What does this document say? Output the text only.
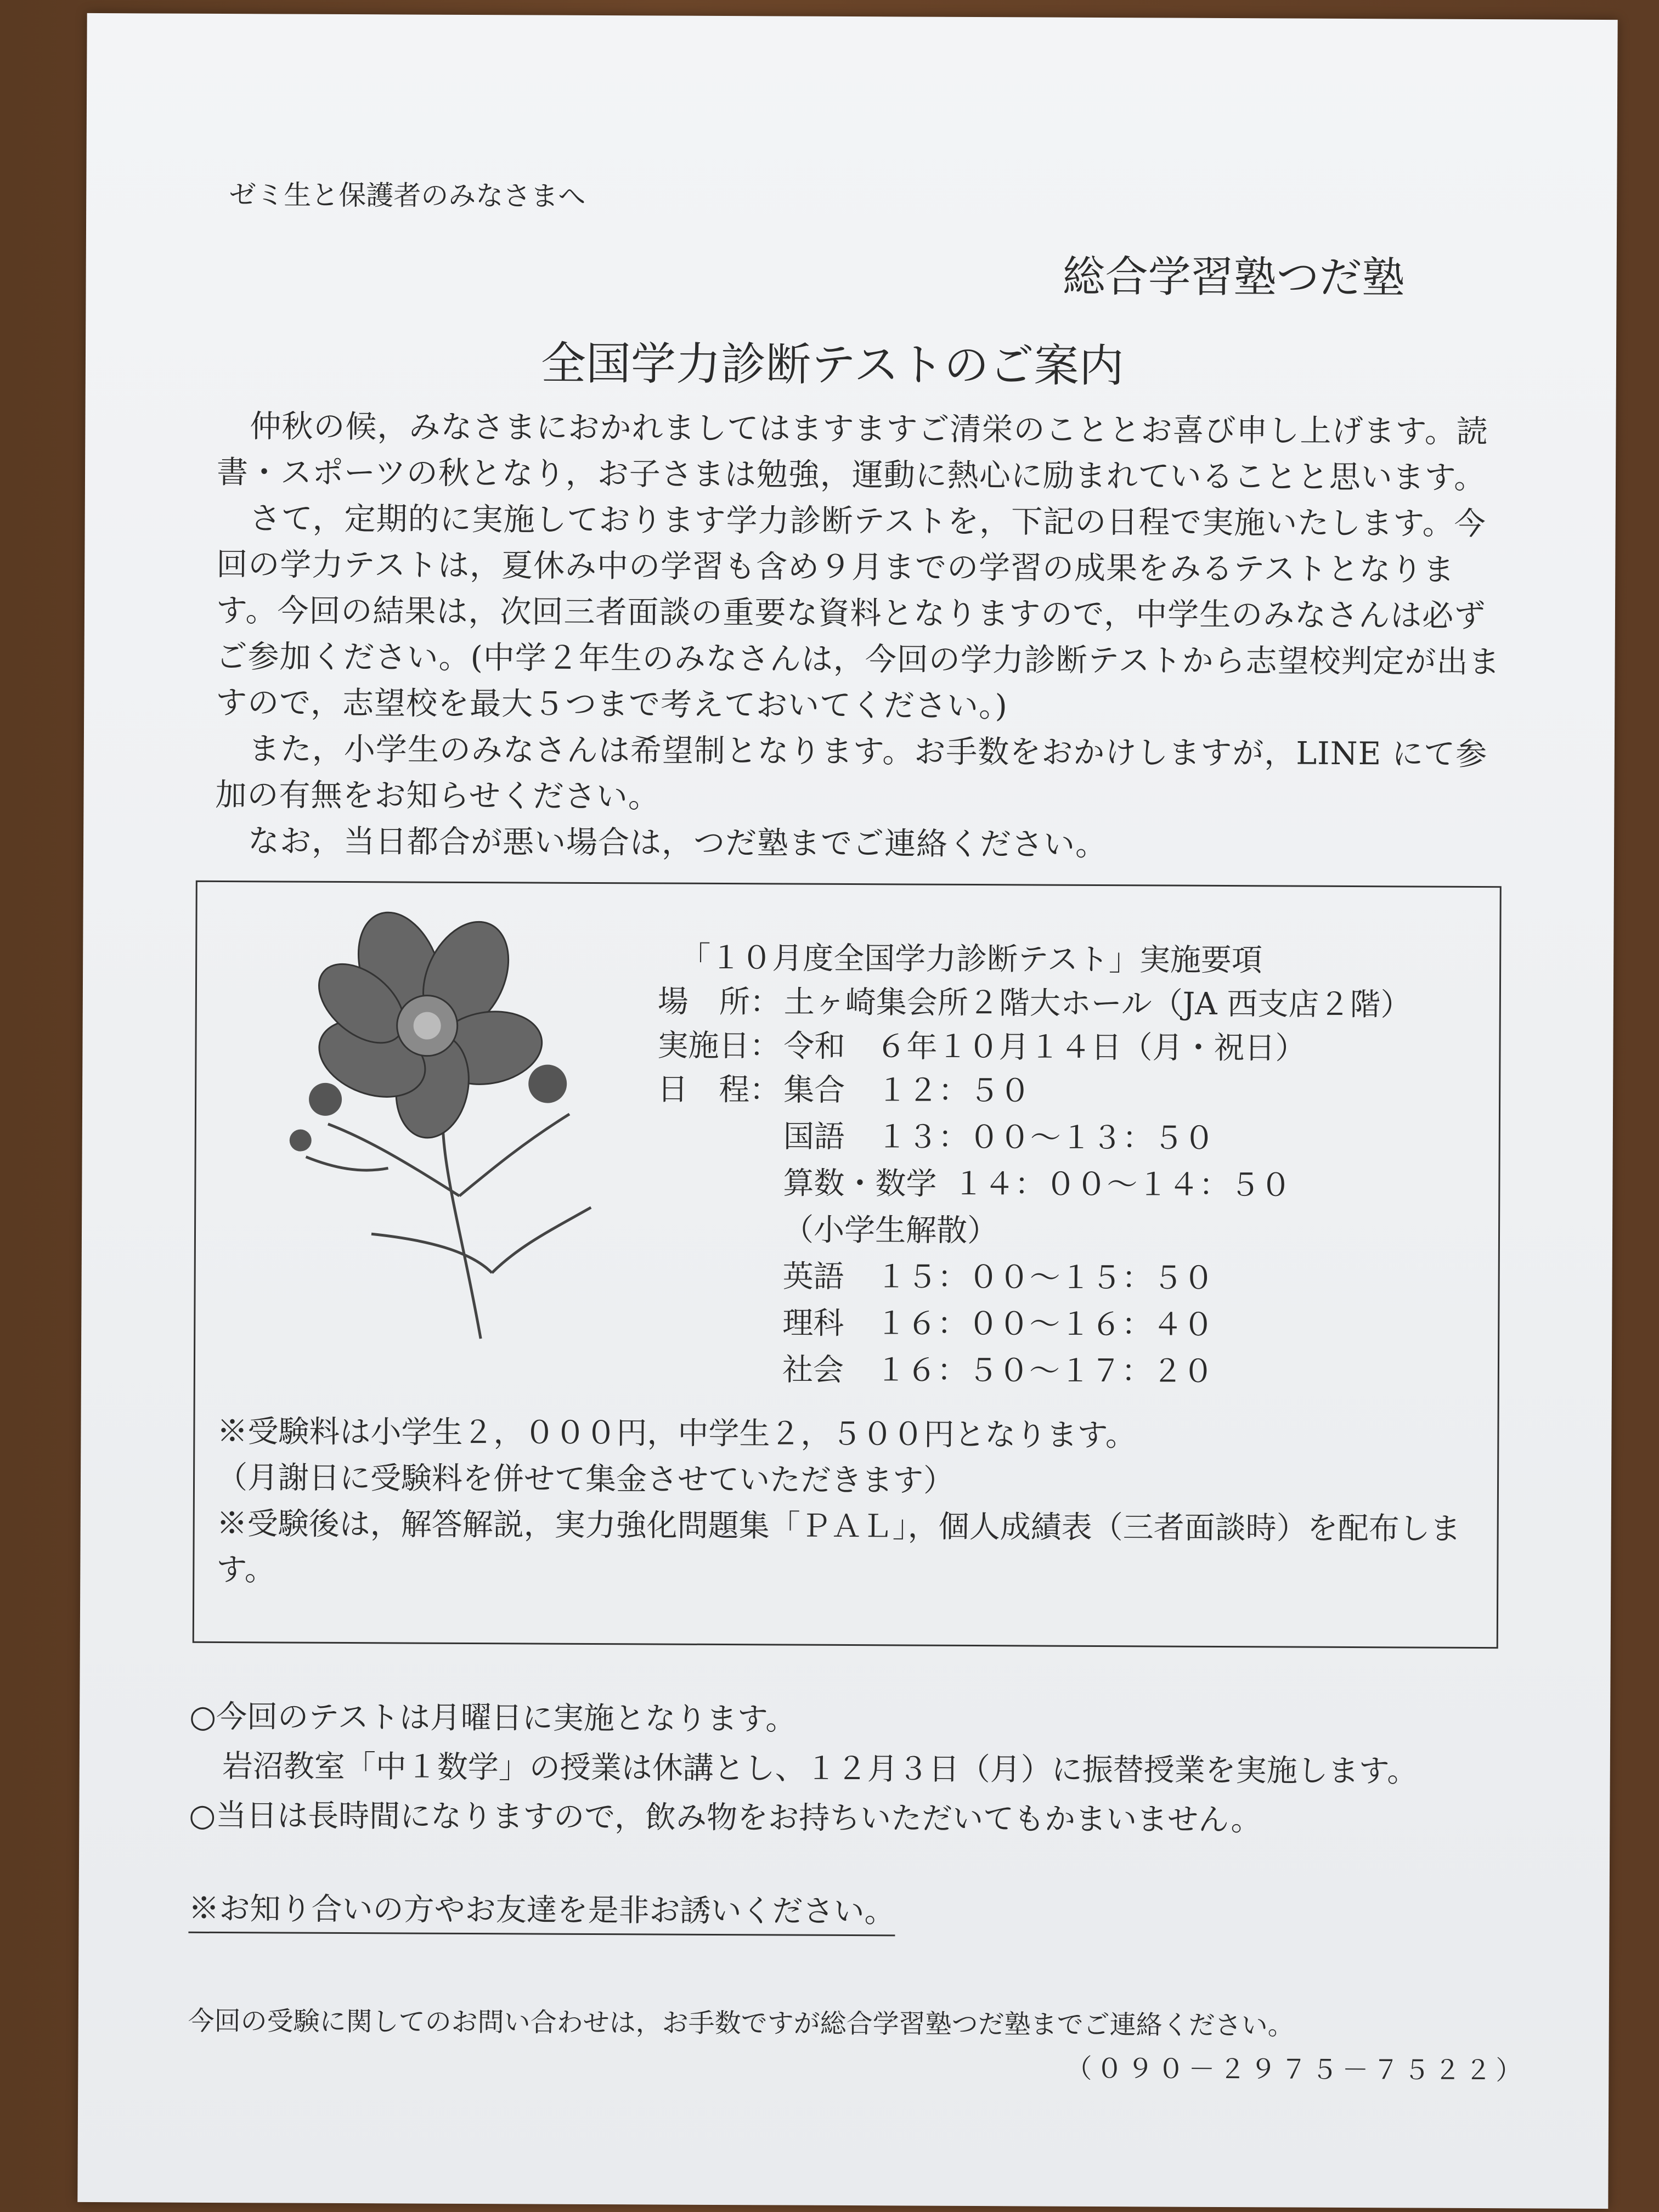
ゼミ生と保護者のみなさまへ
総合学習塾つだ塾
全国学力診断テストのご案内

仲秋の候，みなさまにおかれましてはますますご清栄のこととお喜び申し上げます。読書・スポーツの秋となり，お子さまは勉強，運動に熱心に励まれていることと思います。

さて，定期的に実施しております学力診断テストを，下記の日程で実施いたします。今回の学力テストは，夏休み中の学習も含め９月までの学習の成果をみるテストとなります。今回の結果は，次回三者面談の重要な資料となりますので，中学生のみなさんは必ずご参加ください。(中学２年生のみなさんは，今回の学力診断テストから志望校判定が出ますので，志望校を最大５つまで考えておいてください。)

また，小学生のみなさんは希望制となります。お手数をおかけしますが，LINE にて参加の有無をお知らせください。

なお，当日都合が悪い場合は，つだ塾までご連絡ください。

「１０月度全国学力診断テスト」実施要項
場　所： 土ヶ崎集会所２階大ホール（JA 西支店２階）
実施日： 令和　６年１０月１４日（月・祝日）
日　程： 集合 １２：５０
国語 １３：００～１３：５０
算数・数学 １４：００～１４：５０
（小学生解散）
英語 １５：００～１５：５０
理科 １６：００～１６：４０
社会 １６：５０～１７：２０

※受験料は小学生２，０００円，中学生２，５００円となります。

（月謝日に受験料を併せて集金させていただきます）

※受験後は，解答解説，実力強化問題集「ＰＡＬ」，個人成績表（三者面談時）を配布します。

○今回のテストは月曜日に実施となります。
岩沼教室「中１数学」の授業は休講とし、１２月３日（月）に振替授業を実施します。
○当日は長時間になりますので，飲み物をお持ちいただいてもかまいません。
※お知り合いの方やお友達を是非お誘いください。
今回の受験に関してのお問い合わせは，お手数ですが総合学習塾つだ塾までご連絡ください。
（０９０－２９７５－７５２２）
